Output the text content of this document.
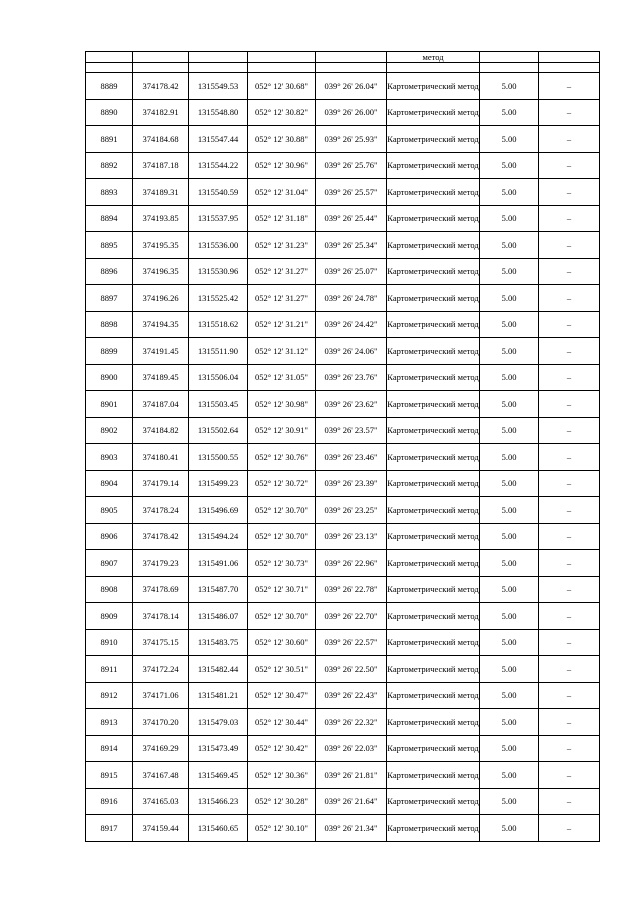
					метод		

8889	374178.42	1315549.53	052° 12' 30.68"	039° 26' 26.04"	Картометрический метод	5.00	–
8890	374182.91	1315548.80	052° 12' 30.82"	039° 26' 26.00"	Картометрический метод	5.00	–
8891	374184.68	1315547.44	052° 12' 30.88"	039° 26' 25.93"	Картометрический метод	5.00	–
8892	374187.18	1315544.22	052° 12' 30.96"	039° 26' 25.76"	Картометрический метод	5.00	–
8893	374189.31	1315540.59	052° 12' 31.04"	039° 26' 25.57"	Картометрический метод	5.00	–
8894	374193.85	1315537.95	052° 12' 31.18"	039° 26' 25.44"	Картометрический метод	5.00	–
8895	374195.35	1315536.00	052° 12' 31.23"	039° 26' 25.34"	Картометрический метод	5.00	–
8896	374196.35	1315530.96	052° 12' 31.27"	039° 26' 25.07"	Картометрический метод	5.00	–
8897	374196.26	1315525.42	052° 12' 31.27"	039° 26' 24.78"	Картометрический метод	5.00	–
8898	374194.35	1315518.62	052° 12' 31.21"	039° 26' 24.42"	Картометрический метод	5.00	–
8899	374191.45	1315511.90	052° 12' 31.12"	039° 26' 24.06"	Картометрический метод	5.00	–
8900	374189.45	1315506.04	052° 12' 31.05"	039° 26' 23.76"	Картометрический метод	5.00	–
8901	374187.04	1315503.45	052° 12' 30.98"	039° 26' 23.62"	Картометрический метод	5.00	–
8902	374184.82	1315502.64	052° 12' 30.91"	039° 26' 23.57"	Картометрический метод	5.00	–
8903	374180.41	1315500.55	052° 12' 30.76"	039° 26' 23.46"	Картометрический метод	5.00	–
8904	374179.14	1315499.23	052° 12' 30.72"	039° 26' 23.39"	Картометрический метод	5.00	–
8905	374178.24	1315496.69	052° 12' 30.70"	039° 26' 23.25"	Картометрический метод	5.00	–
8906	374178.42	1315494.24	052° 12' 30.70"	039° 26' 23.13"	Картометрический метод	5.00	–
8907	374179.23	1315491.06	052° 12' 30.73"	039° 26' 22.96"	Картометрический метод	5.00	–
8908	374178.69	1315487.70	052° 12' 30.71"	039° 26' 22.78"	Картометрический метод	5.00	–
8909	374178.14	1315486.07	052° 12' 30.70"	039° 26' 22.70"	Картометрический метод	5.00	–
8910	374175.15	1315483.75	052° 12' 30.60"	039° 26' 22.57"	Картометрический метод	5.00	–
8911	374172.24	1315482.44	052° 12' 30.51"	039° 26' 22.50"	Картометрический метод	5.00	–
8912	374171.06	1315481.21	052° 12' 30.47"	039° 26' 22.43"	Картометрический метод	5.00	–
8913	374170.20	1315479.03	052° 12' 30.44"	039° 26' 22.32"	Картометрический метод	5.00	–
8914	374169.29	1315473.49	052° 12' 30.42"	039° 26' 22.03"	Картометрический метод	5.00	–
8915	374167.48	1315469.45	052° 12' 30.36"	039° 26' 21.81"	Картометрический метод	5.00	–
8916	374165.03	1315466.23	052° 12' 30.28"	039° 26' 21.64"	Картометрический метод	5.00	–
8917	374159.44	1315460.65	052° 12' 30.10"	039° 26' 21.34"	Картометрический метод	5.00	–
